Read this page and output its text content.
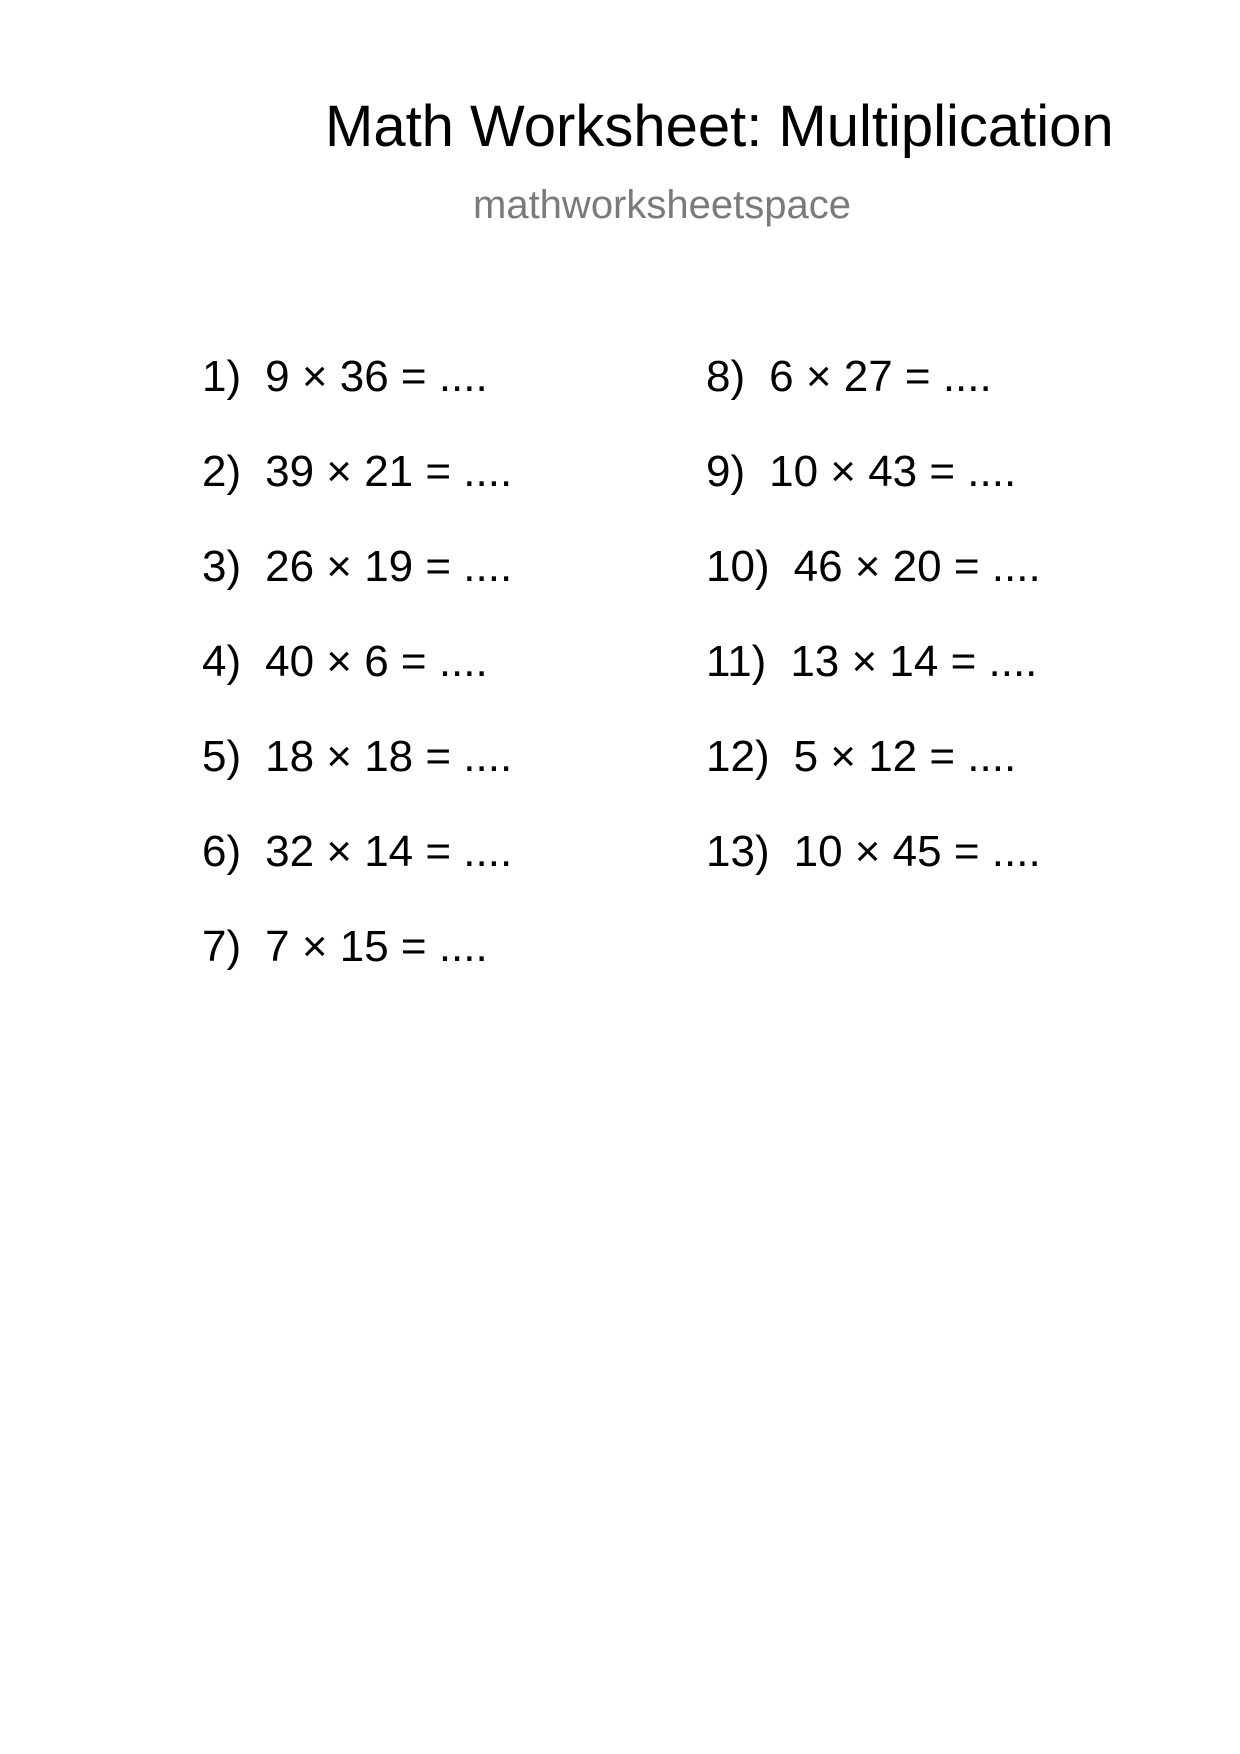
Math Worksheet: Multiplication
mathworksheetspace
1) 9 × 36 = ....
2) 39 × 21 = ....
3) 26 × 19 = ....
4) 40 × 6 = ....
5) 18 × 18 = ....
6) 32 × 14 = ....
7) 7 × 15 = ....
8) 6 × 27 = ....
9) 10 × 43 = ....
10) 46 × 20 = ....
11) 13 × 14 = ....
12) 5 × 12 = ....
13) 10 × 45 = ....
